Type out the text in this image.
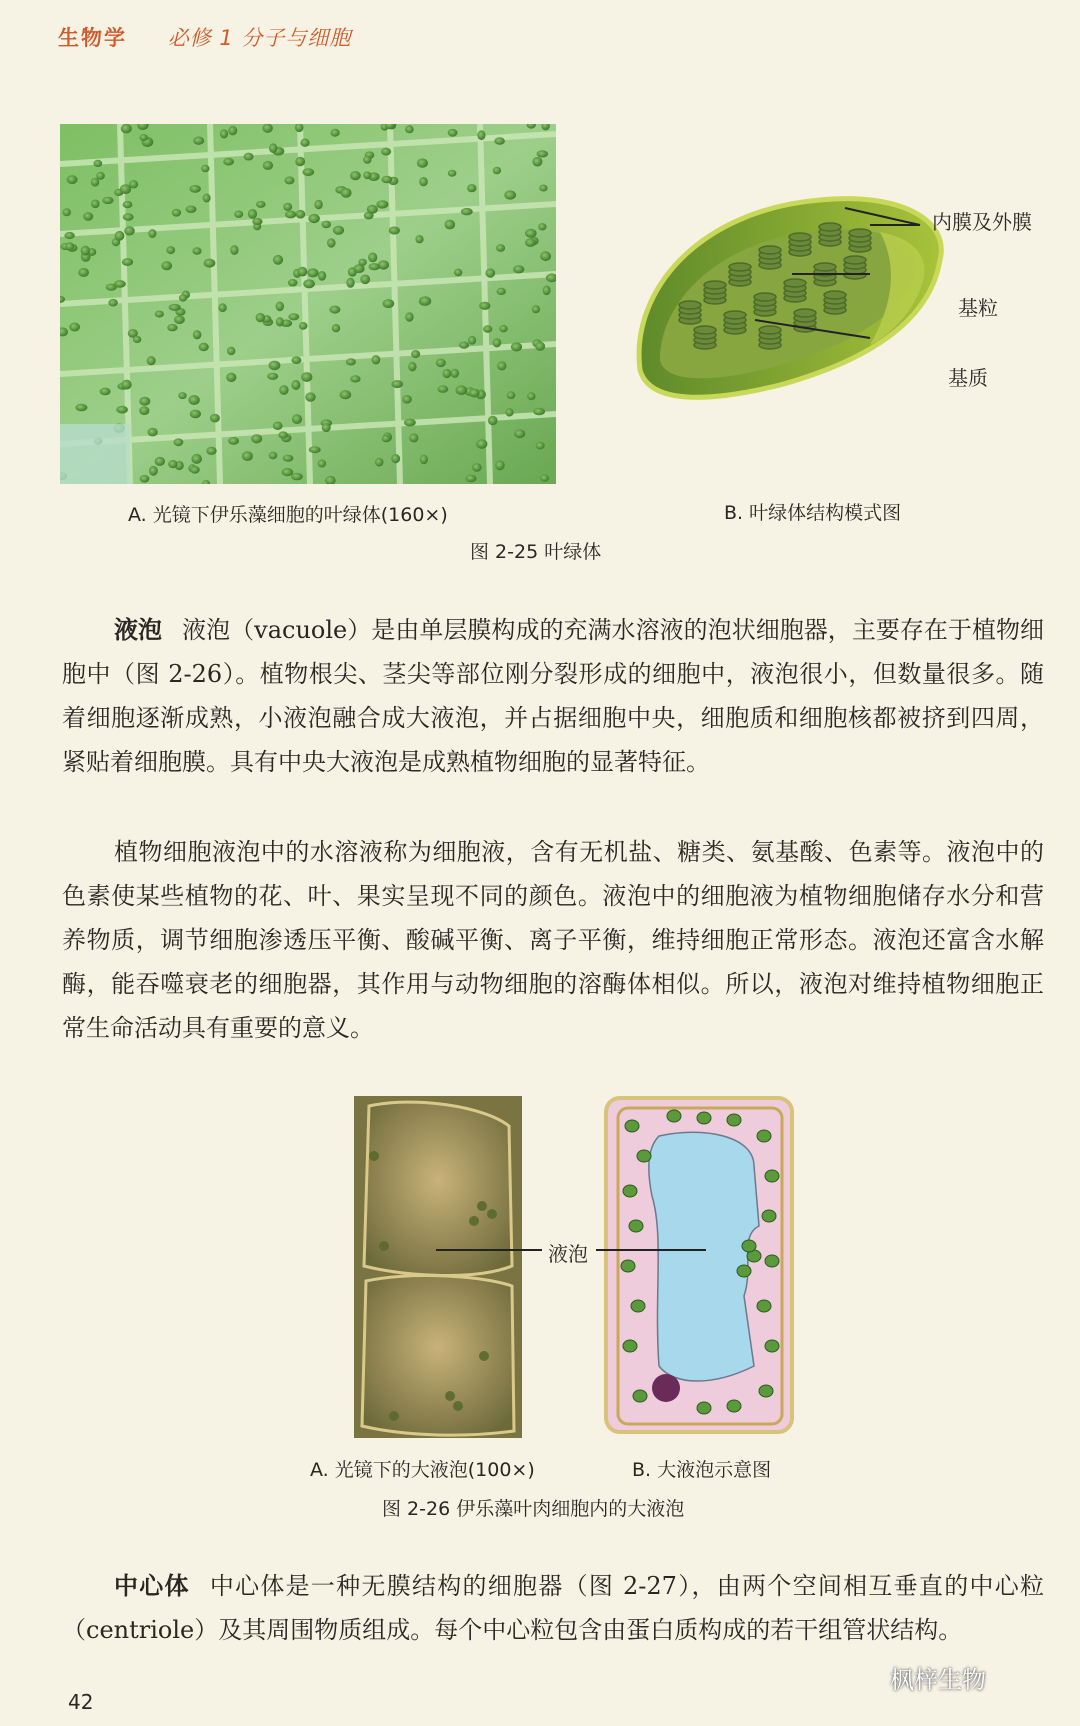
生物学 必修 1 分子与细胞
内膜及外膜
基粒
基质
A. 光镜下伊乐藻细胞的叶绿体(160×)	B. 叶绿体结构模式图
图 2-25 叶绿体
液泡 液泡（vacuole）是由单层膜构成的充满水溶液的泡状细胞器，主要存在于植物细胞中（图 2-26）。植物根尖、茎尖等部位刚分裂形成的细胞中，液泡很小，但数量很多。随着细胞逐渐成熟，小液泡融合成大液泡，并占据细胞中央，细胞质和细胞核都被挤到四周，紧贴着细胞膜。具有中央大液泡是成熟植物细胞的显著特征。
植物细胞液泡中的水溶液称为细胞液，含有无机盐、糖类、氨基酸、色素等。液泡中的色素使某些植物的花、叶、果实呈现不同的颜色。液泡中的细胞液为植物细胞储存水分和营养物质，调节细胞渗透压平衡、酸碱平衡、离子平衡，维持细胞正常形态。液泡还富含水解酶，能吞噬衰老的细胞器，其作用与动物细胞的溶酶体相似。所以，液泡对维持植物细胞正常生命活动具有重要的意义。
液泡
A. 光镜下的大液泡(100×)	B. 大液泡示意图
图 2-26 伊乐藻叶肉细胞内的大液泡
中心体 中心体是一种无膜结构的细胞器（图 2-27），由两个空间相互垂直的中心粒（centriole）及其周围物质组成。每个中心粒包含由蛋白质构成的若干组管状结构。
42
枫梓生物
